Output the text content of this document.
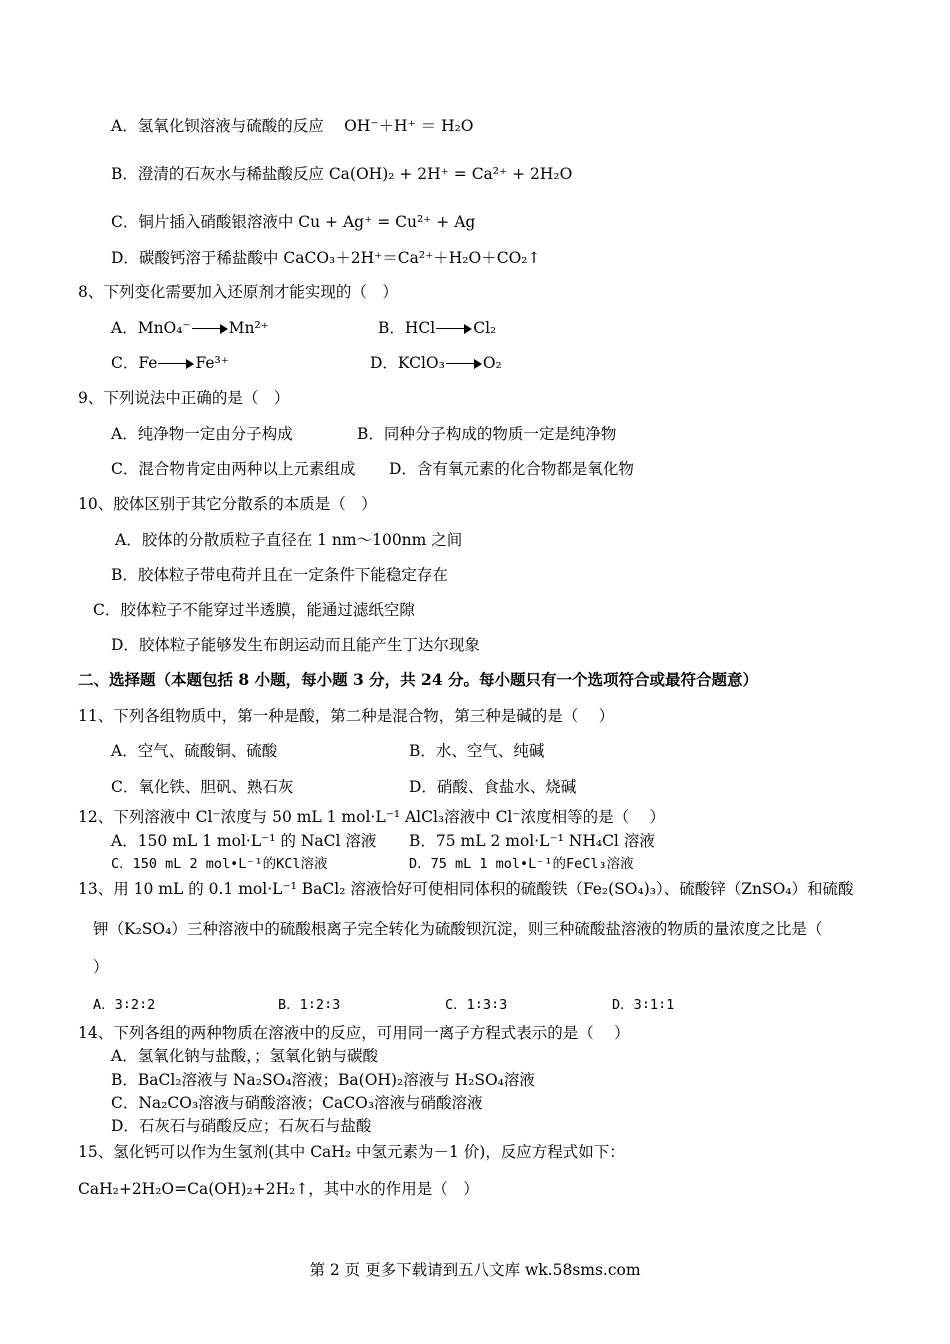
A．氢氧化钡溶液与硫酸的反应　 OH⁻＋H⁺ ＝ H₂O
B．澄清的石灰水与稀盐酸反应 Ca(OH)₂ + 2H⁺ = Ca²⁺ + 2H₂O
C．铜片插入硝酸银溶液中 Cu + Ag⁺ = Cu²⁺ + Ag
D．碳酸钙溶于稀盐酸中 CaCO₃＋2H⁺＝Ca²⁺＋H₂O＋CO₂↑
8、下列变化需要加入还原剂才能实现的（　）
A．MnO₄⁻ Mn²⁺	B．HCl Cl₂
C．Fe Fe³⁺	D．KClO₃ O₂
9、下列说法中正确的是（　）
A．纯净物一定由分子构成	B．同种分子构成的物质一定是纯净物
C．混合物肯定由两种以上元素组成 D．含有氧元素的化合物都是氧化物
10、胶体区别于其它分散系的本质是（　）
A．胶体的分散质粒子直径在 1 nm～100nm 之间
B．胶体粒子带电荷并且在一定条件下能稳定存在
C．胶体粒子不能穿过半透膜，能通过滤纸空隙
D．胶体粒子能够发生布朗运动而且能产生丁达尔现象
二、选择题（本题包括 8 小题，每小题 3 分，共 24 分。每小题只有一个选项符合或最符合题意）
11、下列各组物质中，第一种是酸，第二种是混合物，第三种是碱的是（　 ）
A．空气、硫酸铜、硫酸	B．水、空气、纯碱
C．氧化铁、胆矾、熟石灰	D．硝酸、食盐水、烧碱
12、下列溶液中 Cl⁻浓度与 50 mL 1 mol·L⁻¹ AlCl₃溶液中 Cl⁻浓度相等的是（　 ）
A．150 mL 1 mol·L⁻¹ 的 NaCl 溶液 B．75 mL 2 mol·L⁻¹ NH₄Cl 溶液
C．150 mL 2 mol•L⁻¹的KCl溶液	D．75 mL 1 mol•L⁻¹的FeCl₃溶液
13、用 10 mL 的 0.1 mol·L⁻¹ BaCl₂ 溶液恰好可使相同体积的硫酸铁（Fe₂(SO₄)₃）、硫酸锌（ZnSO₄）和硫酸
钾（K₂SO₄）三种溶液中的硫酸根离子完全转化为硫酸钡沉淀，则三种硫酸盐溶液的物质的量浓度之比是（
）
A．3∶2∶2	B．1∶2∶3	C．1∶3∶3	D．3∶1∶1
14、下列各组的两种物质在溶液中的反应，可用同一离子方程式表示的是（　 ）
A．氢氧化钠与盐酸，；氢氧化钠与碳酸
B．BaCl₂溶液与 Na₂SO₄溶液；Ba(OH)₂溶液与 H₂SO₄溶液
C．Na₂CO₃溶液与硝酸溶液；CaCO₃溶液与硝酸溶液
D．石灰石与硝酸反应；石灰石与盐酸
15、氢化钙可以作为生氢剂(其中 CaH₂ 中氢元素为－1 价)，反应方程式如下：
CaH₂+2H₂O=Ca(OH)₂+2H₂↑，其中水的作用是（　）
第 2 页 更多下载请到五八文库 wk.58sms.com
